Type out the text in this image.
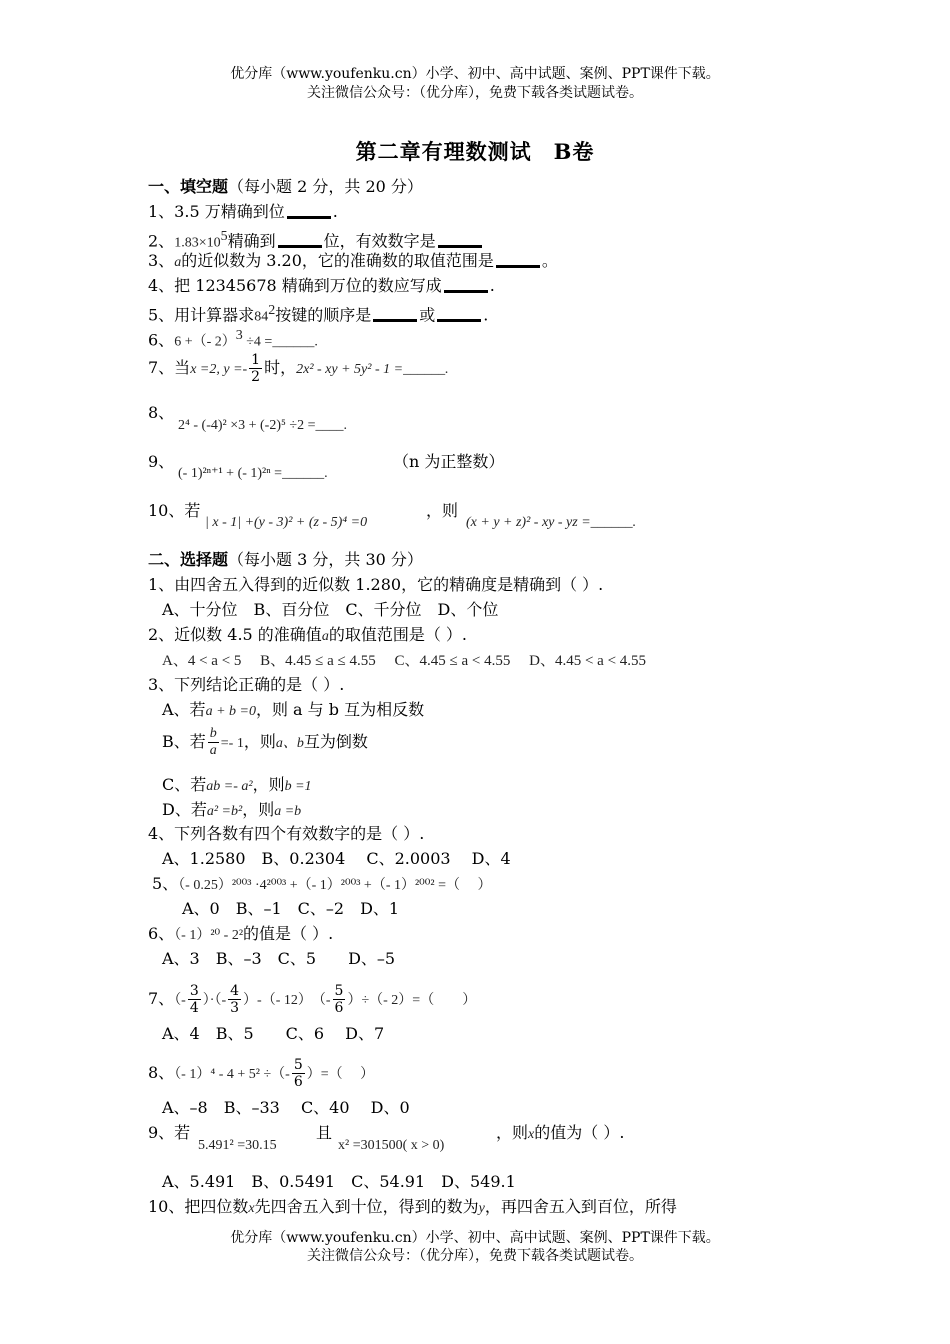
优分库（www.youfenku.cn）小学、初中、高中试题、案例、PPT课件下载。
关注微信公众号：（优分库），免费下载各类试题试卷。
第二章有理数测试　B卷
一、填空题（每小题 2 分，共 20 分）
1、3.5 万精确到位	.
2、$1.83\times 10^5$精确到	位，有效数字是
3、a的近似数为 3.20，它的准确数的取值范围是	。
4、把 12345678 精确到万位的数应写成	.
5、用计算器求$84^2$按键的顺序是	或	.
6、6 +（- 2）$^3$ ÷4 =______.
7、当x =2, $y =- \frac{1}{2}$ 时，2x² - xy + 5y² - 1 =______.
8、
2⁴ - (-4)² ×3 + (-2)⁵ ÷2 =____.
9、
(- 1)²ⁿ⁺¹ + (- 1)²ⁿ =______.
（n 为正整数）
10、若
| x - 1| +(y - 3)² + (z - 5)⁴ =0
，则
(x + y + z)² - xy - yz =______.
二、选择题（每小题 3 分，共 30 分）
1、由四舍五入得到的近似数 1.280，它的精确度是精确到（ ）.
A、十分位　B、百分位　C、千分位　D、个位
2、近似数 4.5 的准确值a的取值范围是（ ）.
A、4 < a < 5　 B、4.45 ≤ a ≤ 4.55　 C、4.45 ≤ a < 4.55　 D、4.45 < a < 4.55
3、下列结论正确的是（ ）.
A、若a + b =0，则 a 与 b 互为相反数
B、若 $\frac{b}{a} =- 1$，则a、b互为倒数
C、若ab =- a²，则b =1
D、若a² =b²，则a =b
4、下列各数有四个有效数字的是（ ）.
A、1.2580　B、0.2304　 C、2.0003　 D、4
5、（- 0.25）²⁰⁰³ ·4²⁰⁰³ +（- 1）²⁰⁰³ +（- 1）²⁰⁰² =（　 ）
A、0　B、–1　C、–2　D、1
6、（- 1）²⁰ - 2²的值是（ ）.
A、3　B、–3　C、5　　D、–5
7、（- $\frac{3}{4}$ ）·（- $\frac{4}{3}$ ）-（- 12）　（- $\frac{5}{6}$ ）÷（- 2）=（　　）
A、4　B、5　　C、6　 D、7
8、（- 1）⁴ - 4 + 5² ÷（- $\frac{5}{6}$ ）=（　 ）
A、–8　B、–33　 C、40　 D、0
9、若
5.491² =30.15
且
x² =301500( x > 0)
，则x的值为（ ）.
A、5.491　B、0.5491　C、54.91　D、549.1
10、把四位数x先四舍五入到十位，得到的数为y，再四舍五入到百位，所得
优分库（www.youfenku.cn）小学、初中、高中试题、案例、PPT课件下载。
关注微信公众号：（优分库），免费下载各类试题试卷。
